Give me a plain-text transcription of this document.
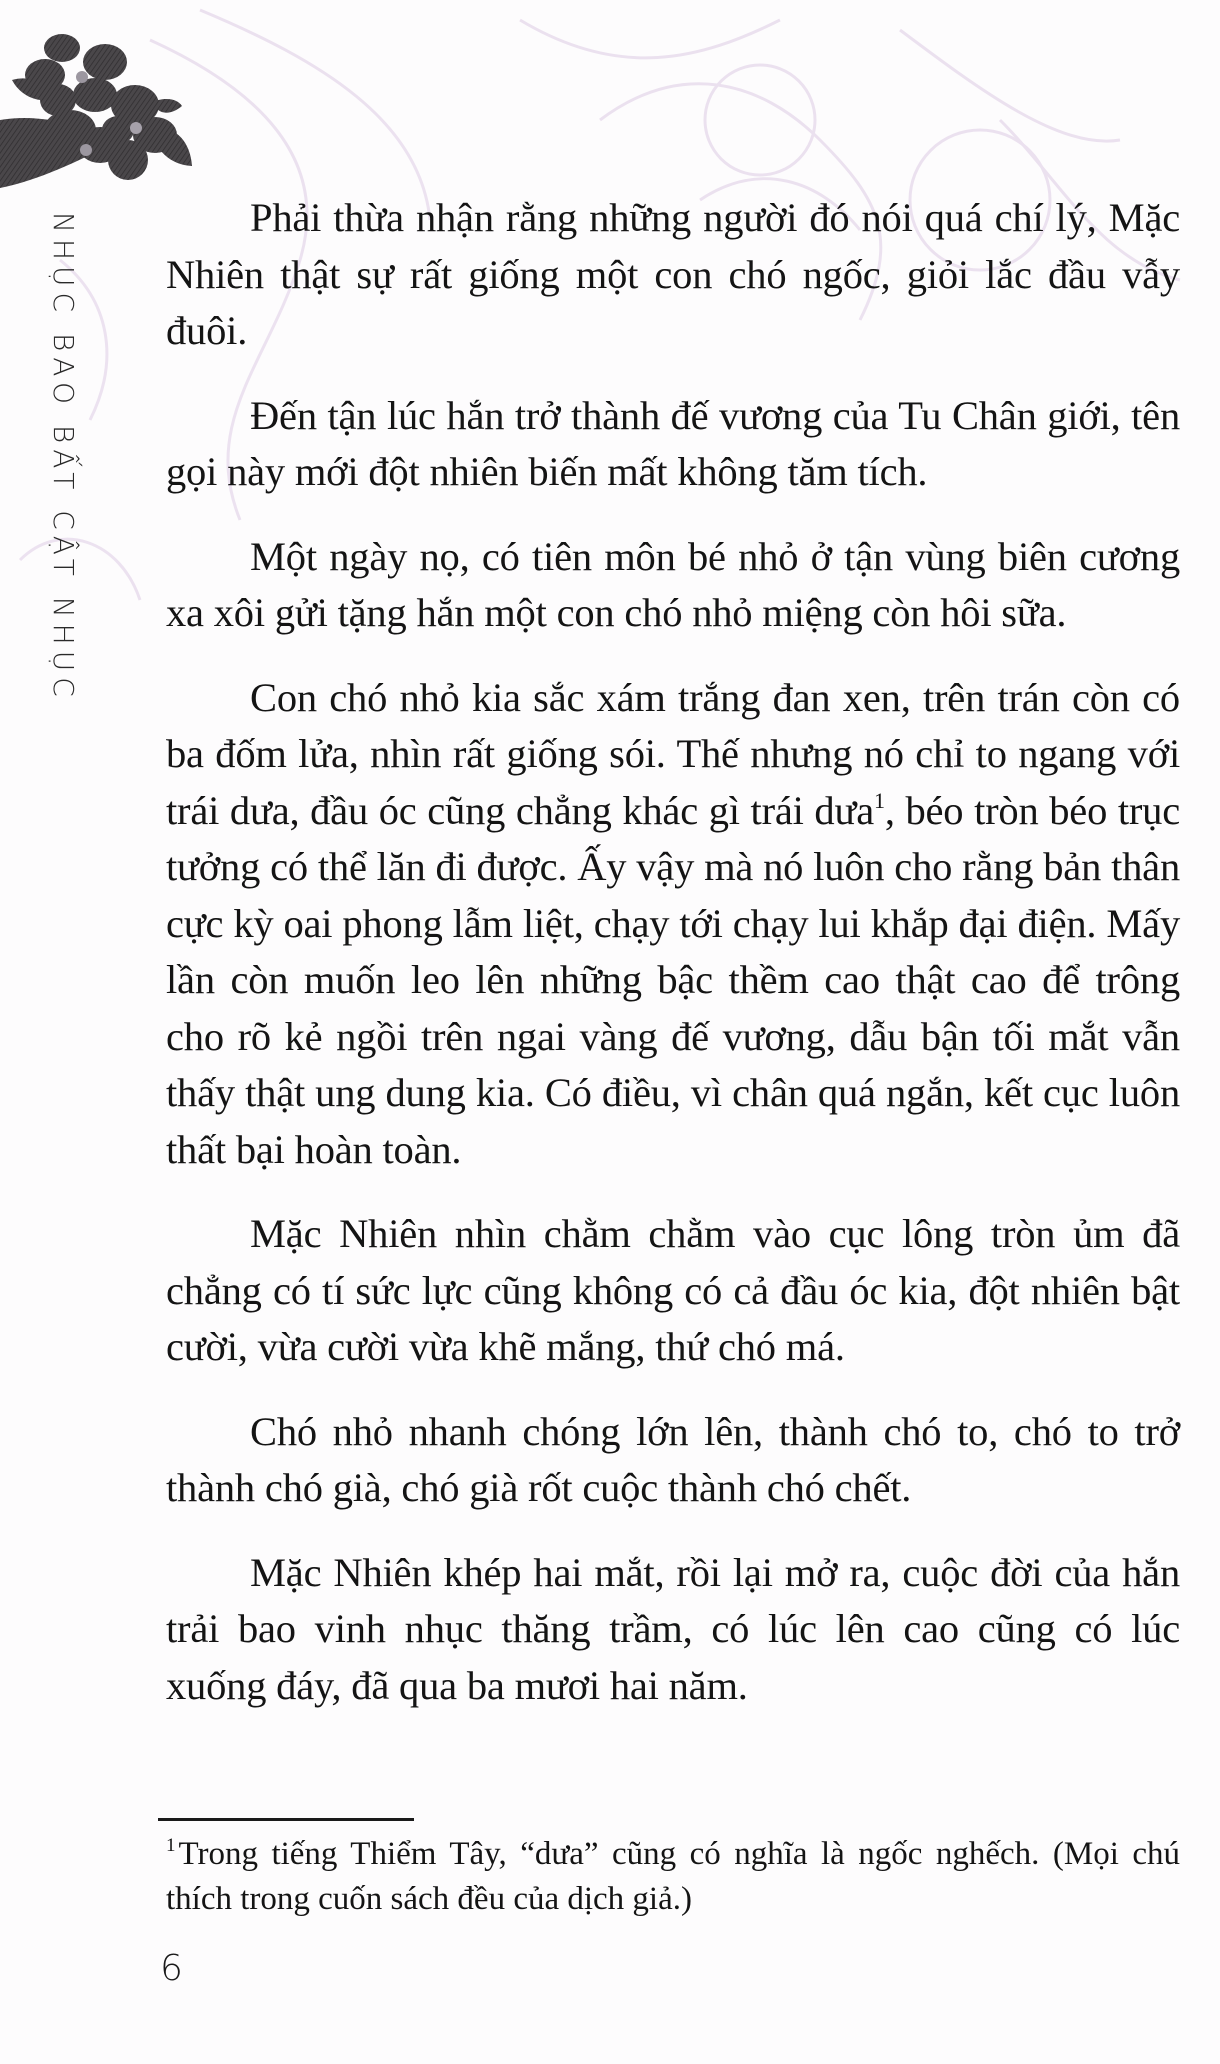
NHỤC BAO BẤT CẬT NHỤC	Phải thừa nhận rằng những người đó nói quá chí lý, Mặc Nhiên thật sự rất giống một con chó ngốc, giỏi lắc đầu vẫy đuôi.

Đến tận lúc hắn trở thành đế vương của Tu Chân giới, tên gọi này mới đột nhiên biến mất không tăm tích.

Một ngày nọ, có tiên môn bé nhỏ ở tận vùng biên cương xa xôi gửi tặng hắn một con chó nhỏ miệng còn hôi sữa.

Con chó nhỏ kia sắc xám trắng đan xen, trên trán còn có ba đốm lửa, nhìn rất giống sói. Thế nhưng nó chỉ to ngang với trái dưa, đầu óc cũng chẳng khác gì trái dưa$^1$, béo tròn béo trục tưởng có thể lăn đi được. Ấy vậy mà nó luôn cho rằng bản thân cực kỳ oai phong lẫm liệt, chạy tới chạy lui khắp đại điện. Mấy lần còn muốn leo lên những bậc thềm cao thật cao để trông cho rõ kẻ ngồi trên ngai vàng đế vương, dẫu bận tối mắt vẫn thấy thật ung dung kia. Có điều, vì chân quá ngắn, kết cục luôn thất bại hoàn toàn.

Mặc Nhiên nhìn chằm chằm vào cục lông tròn ủm đã chẳng có tí sức lực cũng không có cả đầu óc kia, đột nhiên bật cười, vừa cười vừa khẽ mắng, thứ chó má.

Chó nhỏ nhanh chóng lớn lên, thành chó to, chó to trở thành chó già, chó già rốt cuộc thành chó chết.

Mặc Nhiên khép hai mắt, rồi lại mở ra, cuộc đời của hắn trải bao vinh nhục thăng trầm, có lúc lên cao cũng có lúc xuống đáy, đã qua ba mươi hai năm.

$^1$Trong tiếng Thiểm Tây, “dưa” cũng có nghĩa là ngốc nghếch. (Mọi chú thích trong cuốn sách đều của dịch giả.)
6
